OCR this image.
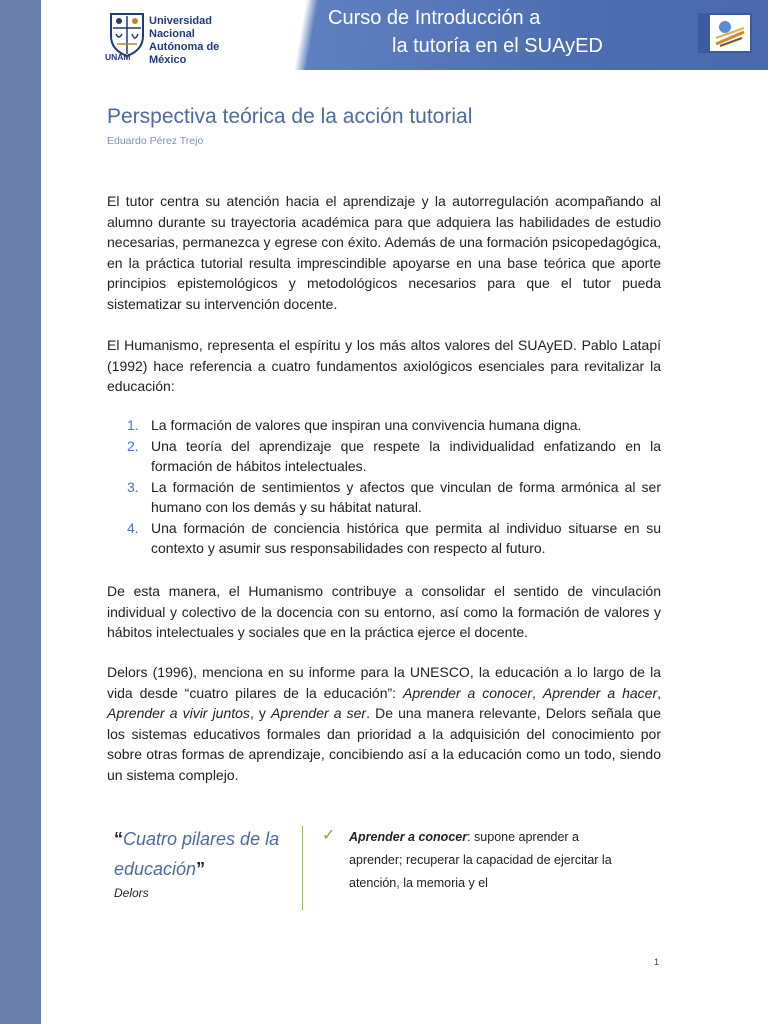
Universidad Nacional
Autónoma de México
UNAM
Curso de Introducción a
la tutoría en el SUAyED
Perspectiva teórica de la acción tutorial
Eduardo Pérez Trejo

El tutor centra su atención hacia el aprendizaje y la autorregulación acompañando al alumno durante su trayectoria académica para que adquiera las habilidades de estudio necesarias, permanezca y egrese con éxito. Además de una formación psicopedagógica, en la práctica tutorial resulta imprescindible apoyarse en una base teórica que aporte principios epistemológicos y metodológicos necesarios para que el tutor pueda sistematizar su intervención docente.

El Humanismo, representa el espíritu y los más altos valores del SUAyED. Pablo Latapí (1992) hace referencia a cuatro fundamentos axiológicos esenciales para revitalizar la educación:

1. La formación de valores que inspiran una convivencia humana digna.
2. Una teoría del aprendizaje que respete la individualidad enfatizando en la formación de hábitos intelectuales.
3. La formación de sentimientos y afectos que vinculan de forma armónica al ser humano con los demás y su hábitat natural.
4. Una formación de conciencia histórica que permita al individuo situarse en su contexto y asumir sus responsabilidades con respecto al futuro.

De esta manera, el Humanismo contribuye a consolidar el sentido de vinculación individual y colectivo de la docencia con su entorno, así como la formación de valores y hábitos intelectuales y sociales que en la práctica ejerce el docente.

Delors (1996), menciona en su informe para la UNESCO, la educación a lo largo de la vida desde “cuatro pilares de la educación”: Aprender a conocer, Aprender a hacer, Aprender a vivir juntos, y Aprender a ser. De una manera relevante, Delors señala que los sistemas educativos formales dan prioridad a la adquisición del conocimiento por sobre otras formas de aprendizaje, concibiendo así a la educación como un todo, siendo un sistema complejo.

“Cuatro pilares de la educación”
Delors
✓	Aprender a conocer: supone aprender a aprender; recuperar la capacidad de ejercitar la atención, la memoria y el

1
